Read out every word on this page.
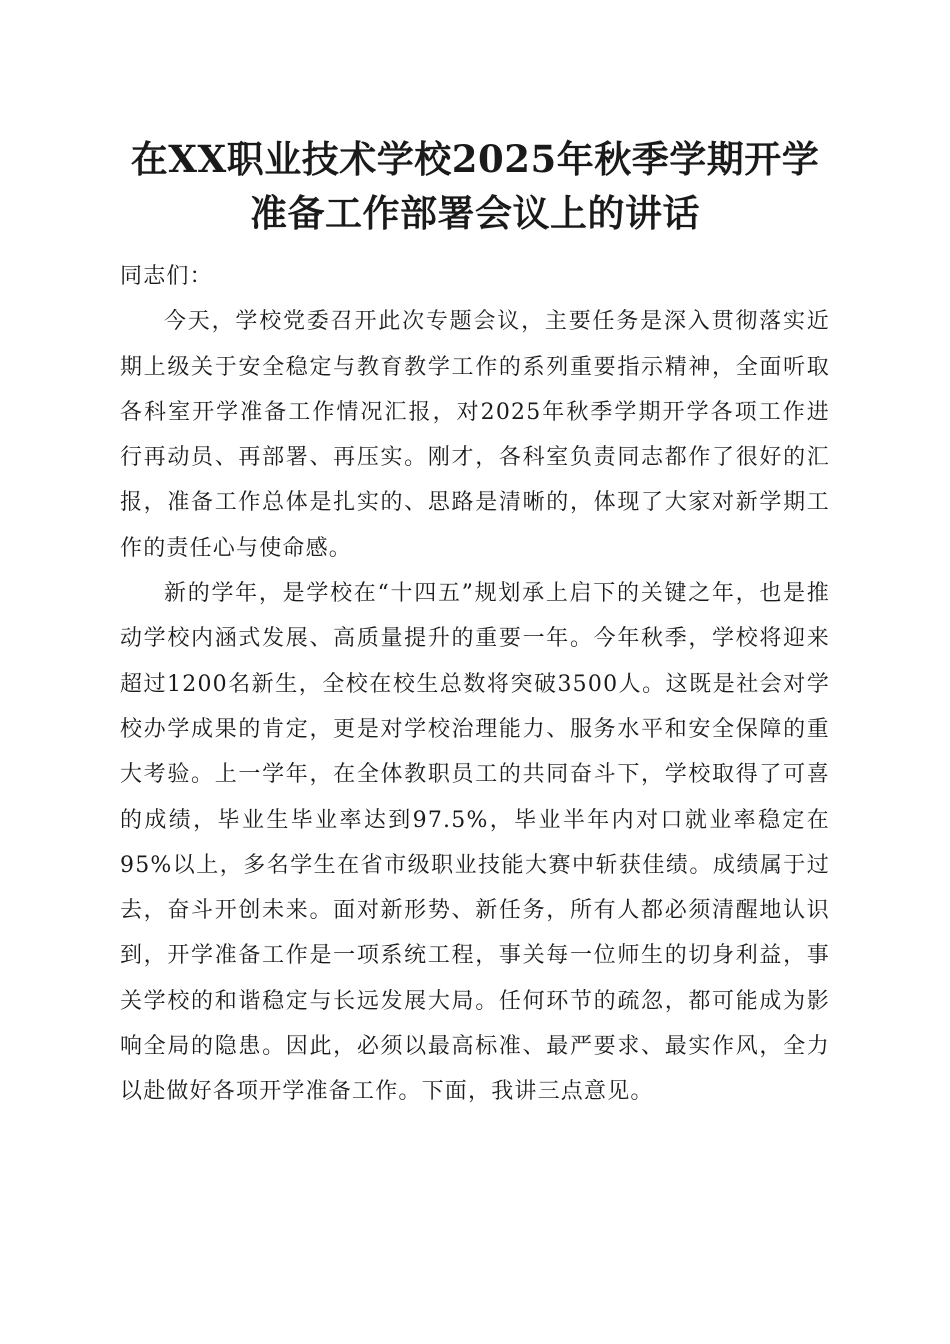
在XX职业技术学校2025年秋季学期开学准备工作部署会议上的讲话

同志们：

今天，学校党委召开此次专题会议，主要任务是深入贯彻落实近期上级关于安全稳定与教育教学工作的系列重要指示精神，全面听取各科室开学准备工作情况汇报，对2025年秋季学期开学各项工作进行再动员、再部署、再压实。刚才，各科室负责同志都作了很好的汇报，准备工作总体是扎实的、思路是清晰的，体现了大家对新学期工作的责任心与使命感。

新的学年，是学校在“十四五”规划承上启下的关键之年，也是推动学校内涵式发展、高质量提升的重要一年。今年秋季，学校将迎来超过1200名新生，全校在校生总数将突破3500人。这既是社会对学校办学成果的肯定，更是对学校治理能力、服务水平和安全保障的重大考验。上一学年，在全体教职员工的共同奋斗下，学校取得了可喜的成绩，毕业生毕业率达到97.5%，毕业半年内对口就业率稳定在95%以上，多名学生在省市级职业技能大赛中斩获佳绩。成绩属于过去，奋斗开创未来。面对新形势、新任务，所有人都必须清醒地认识到，开学准备工作是一项系统工程，事关每一位师生的切身利益，事关学校的和谐稳定与长远发展大局。任何环节的疏忽，都可能成为影响全局的隐患。因此，必须以最高标准、最严要求、最实作风，全力以赴做好各项开学准备工作。下面，我讲三点意见。
